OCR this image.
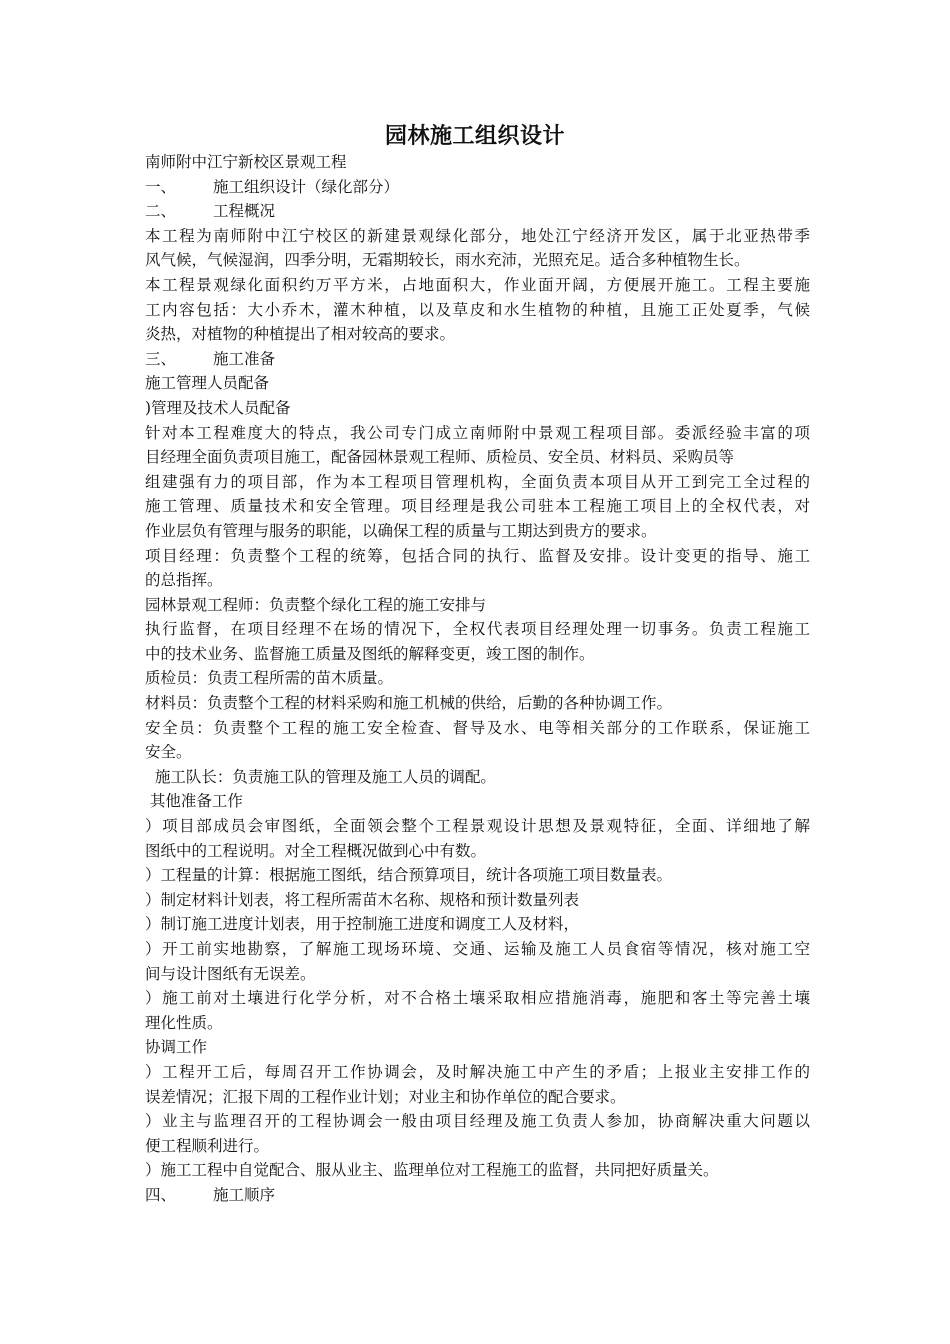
园林施工组织设计
南师附中江宁新校区景观工程
一、 施工组织设计（绿化部分）
二、 工程概况
本工程为南师附中江宁校区的新建景观绿化部分，地处江宁经济开发区，属于北亚热带季
风气候，气候湿润，四季分明，无霜期较长，雨水充沛，光照充足。适合多种植物生长。
本工程景观绿化面积约万平方米，占地面积大，作业面开阔，方便展开施工。工程主要施
工内容包括：大小乔木，灌木种植，以及草皮和水生植物的种植，且施工正处夏季，气候
炎热，对植物的种植提出了相对较高的要求。
三、 施工准备
施工管理人员配备
)管理及技术人员配备
针对本工程难度大的特点，我公司专门成立南师附中景观工程项目部。委派经验丰富的项
目经理全面负责项目施工，配备园林景观工程师、质检员、安全员、材料员、采购员等
组建强有力的项目部，作为本工程项目管理机构，全面负责本项目从开工到完工全过程的
施工管理、质量技术和安全管理。项目经理是我公司驻本工程施工项目上的全权代表，对
作业层负有管理与服务的职能，以确保工程的质量与工期达到贵方的要求。
项目经理：负责整个工程的统筹，包括合同的执行、监督及安排。设计变更的指导、施工
的总指挥。
园林景观工程师：负责整个绿化工程的施工安排与
执行监督，在项目经理不在场的情况下，全权代表项目经理处理一切事务。负责工程施工
中的技术业务、监督施工质量及图纸的解释变更，竣工图的制作。
质检员：负责工程所需的苗木质量。
材料员：负责整个工程的材料采购和施工机械的供给，后勤的各种协调工作。
安全员：负责整个工程的施工安全检查、督导及水、电等相关部分的工作联系，保证施工
安全。
施工队长：负责施工队的管理及施工人员的调配。
其他准备工作
）项目部成员会审图纸，全面领会整个工程景观设计思想及景观特征，全面、详细地了解
图纸中的工程说明。对全工程概况做到心中有数。
）工程量的计算：根据施工图纸，结合预算项目，统计各项施工项目数量表。
）制定材料计划表，将工程所需苗木名称、规格和预计数量列表
）制订施工进度计划表，用于控制施工进度和调度工人及材料，
）开工前实地勘察，了解施工现场环境、交通、运输及施工人员食宿等情况，核对施工空
间与设计图纸有无误差。
）施工前对土壤进行化学分析，对不合格土壤采取相应措施消毒，施肥和客土等完善土壤
理化性质。
协调工作
）工程开工后，每周召开工作协调会，及时解决施工中产生的矛盾；上报业主安排工作的
误差情况；汇报下周的工程作业计划；对业主和协作单位的配合要求。
）业主与监理召开的工程协调会一般由项目经理及施工负责人参加，协商解决重大问题以
便工程顺利进行。
）施工工程中自觉配合、服从业主、监理单位对工程施工的监督，共同把好质量关。
四、 施工顺序
